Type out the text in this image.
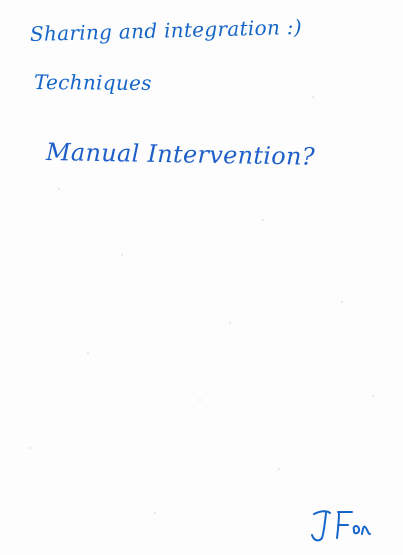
Sharing and integration :)
Techniques
Manual Intervention?
